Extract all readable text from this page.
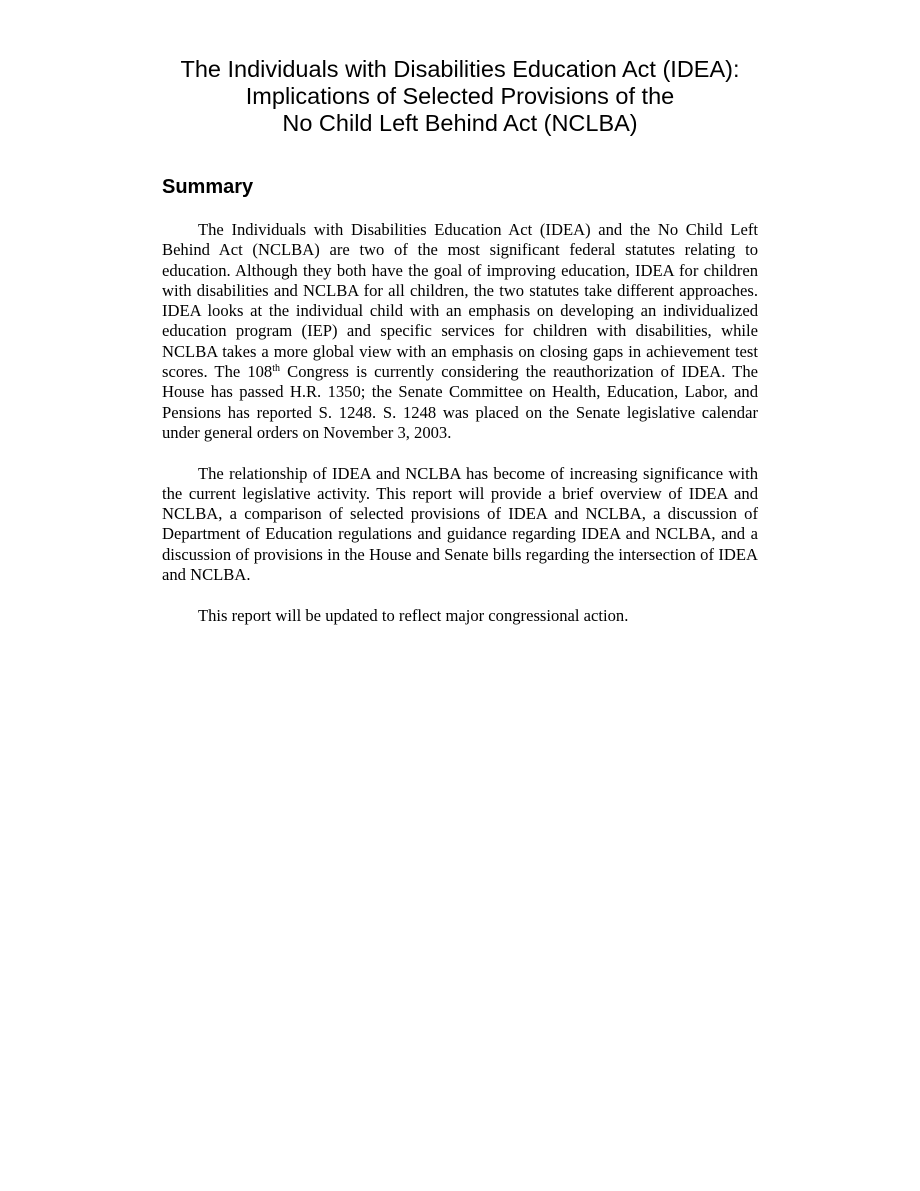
The Individuals with Disabilities Education Act (IDEA):
Implications of Selected Provisions of the
No Child Left Behind Act (NCLBA)
Summary

The Individuals with Disabilities Education Act (IDEA) and the No Child Left Behind Act (NCLBA) are two of the most significant federal statutes relating to education. Although they both have the goal of improving education, IDEA for children with disabilities and NCLBA for all children, the two statutes take different approaches. IDEA looks at the individual child with an emphasis on developing an individualized education program (IEP) and specific services for children with disabilities, while NCLBA takes a more global view with an emphasis on closing gaps in achievement test scores. The 108th Congress is currently considering the reauthorization of IDEA. The House has passed H.R. 1350; the Senate Committee on Health, Education, Labor, and Pensions has reported S. 1248. S. 1248 was placed on the Senate legislative calendar under general orders on November 3, 2003.

The relationship of IDEA and NCLBA has become of increasing significance with the current legislative activity. This report will provide a brief overview of IDEA and NCLBA, a comparison of selected provisions of IDEA and NCLBA, a discussion of Department of Education regulations and guidance regarding IDEA and NCLBA, and a discussion of provisions in the House and Senate bills regarding the intersection of IDEA and NCLBA.

This report will be updated to reflect major congressional action.
